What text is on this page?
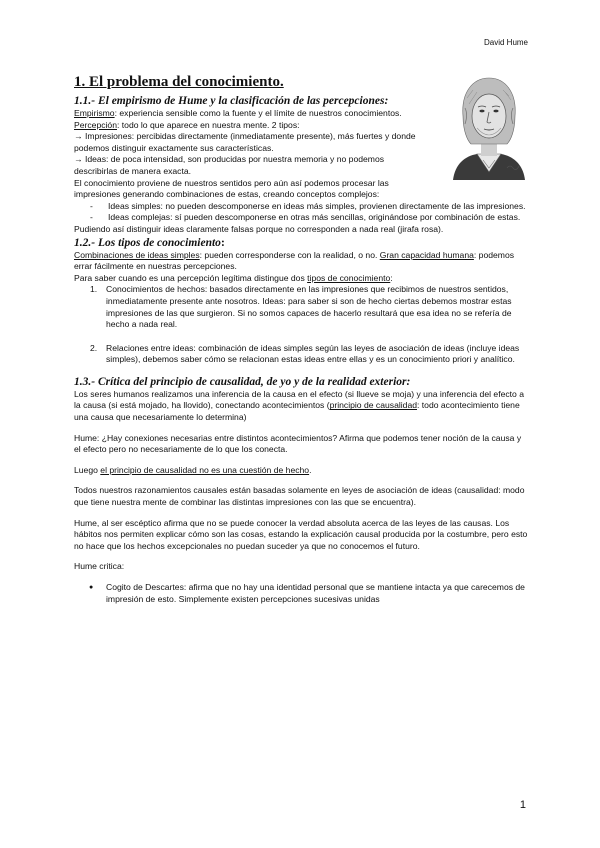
David Hume
1. El problema del conocimiento.
1.1.- El empirismo de Hume y la clasificación de las percepciones:

Empirismo: experiencia sensible como la fuente y el límite de nuestros conocimientos.

Percepción: todo lo que aparece en nuestra mente. 2 tipos:

→ Impresiones: percibidas directamente (inmediatamente presente), más fuertes y donde podemos distinguir exactamente sus características.

→ Ideas: de poca intensidad, son producidas por nuestra memoria y no podemos describirlas de manera exacta.

El conocimiento proviene de nuestros sentidos pero aún así podemos procesar las impresiones generando combinaciones de estas, creando conceptos complejos:

- Ideas simples: no pueden descomponerse en ideas más simples, provienen directamente de las impresiones.
- Ideas complejas: sí pueden descomponerse en otras más sencillas, originándose por combinación de estas.

Pudiendo así distinguir ideas claramente falsas porque no corresponden a nada real (jirafa rosa).

1.2.- Los tipos de conocimiento:

Combinaciones de ideas simples: pueden corresponderse con la realidad, o no. Gran capacidad humana: podemos errar fácilmente en nuestras percepciones.

Para saber cuando es una percepción legítima distingue dos tipos de conocimiento:

1. Conocimientos de hechos: basados directamente en las impresiones que recibimos de nuestros sentidos, inmediatamente presente ante nosotros. Ideas: para saber si son de hecho ciertas debemos mostrar estas impresiones de las que surgieron. Si no somos capaces de hacerlo resultará que esa idea no se refería de hecho a nada real.
2. Relaciones entre ideas: combinación de ideas simples según las leyes de asociación de ideas (incluye ideas simples), debemos saber cómo se relacionan estas ideas entre ellas y es un conocimiento priori y analítico.
1.3.- Crítica del principio de causalidad, de yo y de la realidad exterior:

Los seres humanos realizamos una inferencia de la causa en el efecto (si llueve se moja) y una inferencia del efecto a la causa (si está mojado, ha llovido), conectando acontecimientos (principio de causalidad: todo acontecimiento tiene una causa que necesariamente lo determina)

Hume: ¿Hay conexiones necesarias entre distintos acontecimientos? Afirma que podemos tener noción de la causa y el efecto pero no necesariamente de lo que los conecta.

Luego el principio de causalidad no es una cuestión de hecho.

Todos nuestros razonamientos causales están basadas solamente en leyes de asociación de ideas (causalidad: modo que tiene nuestra mente de combinar las distintas impresiones con las que se encuentra).

Hume, al ser escéptico afirma que no se puede conocer la verdad absoluta acerca de las leyes de las causas. Los hábitos nos permiten explicar cómo son las cosas, estando la explicación causal producida por la costumbre, pero esto no hace que los hechos excepcionales no puedan suceder ya que no conocemos el futuro.

Hume critica:

● Cogito de Descartes: afirma que no hay una identidad personal que se mantiene intacta ya que carecemos de impresión de esto. Simplemente existen percepciones sucesivas unidas
1
